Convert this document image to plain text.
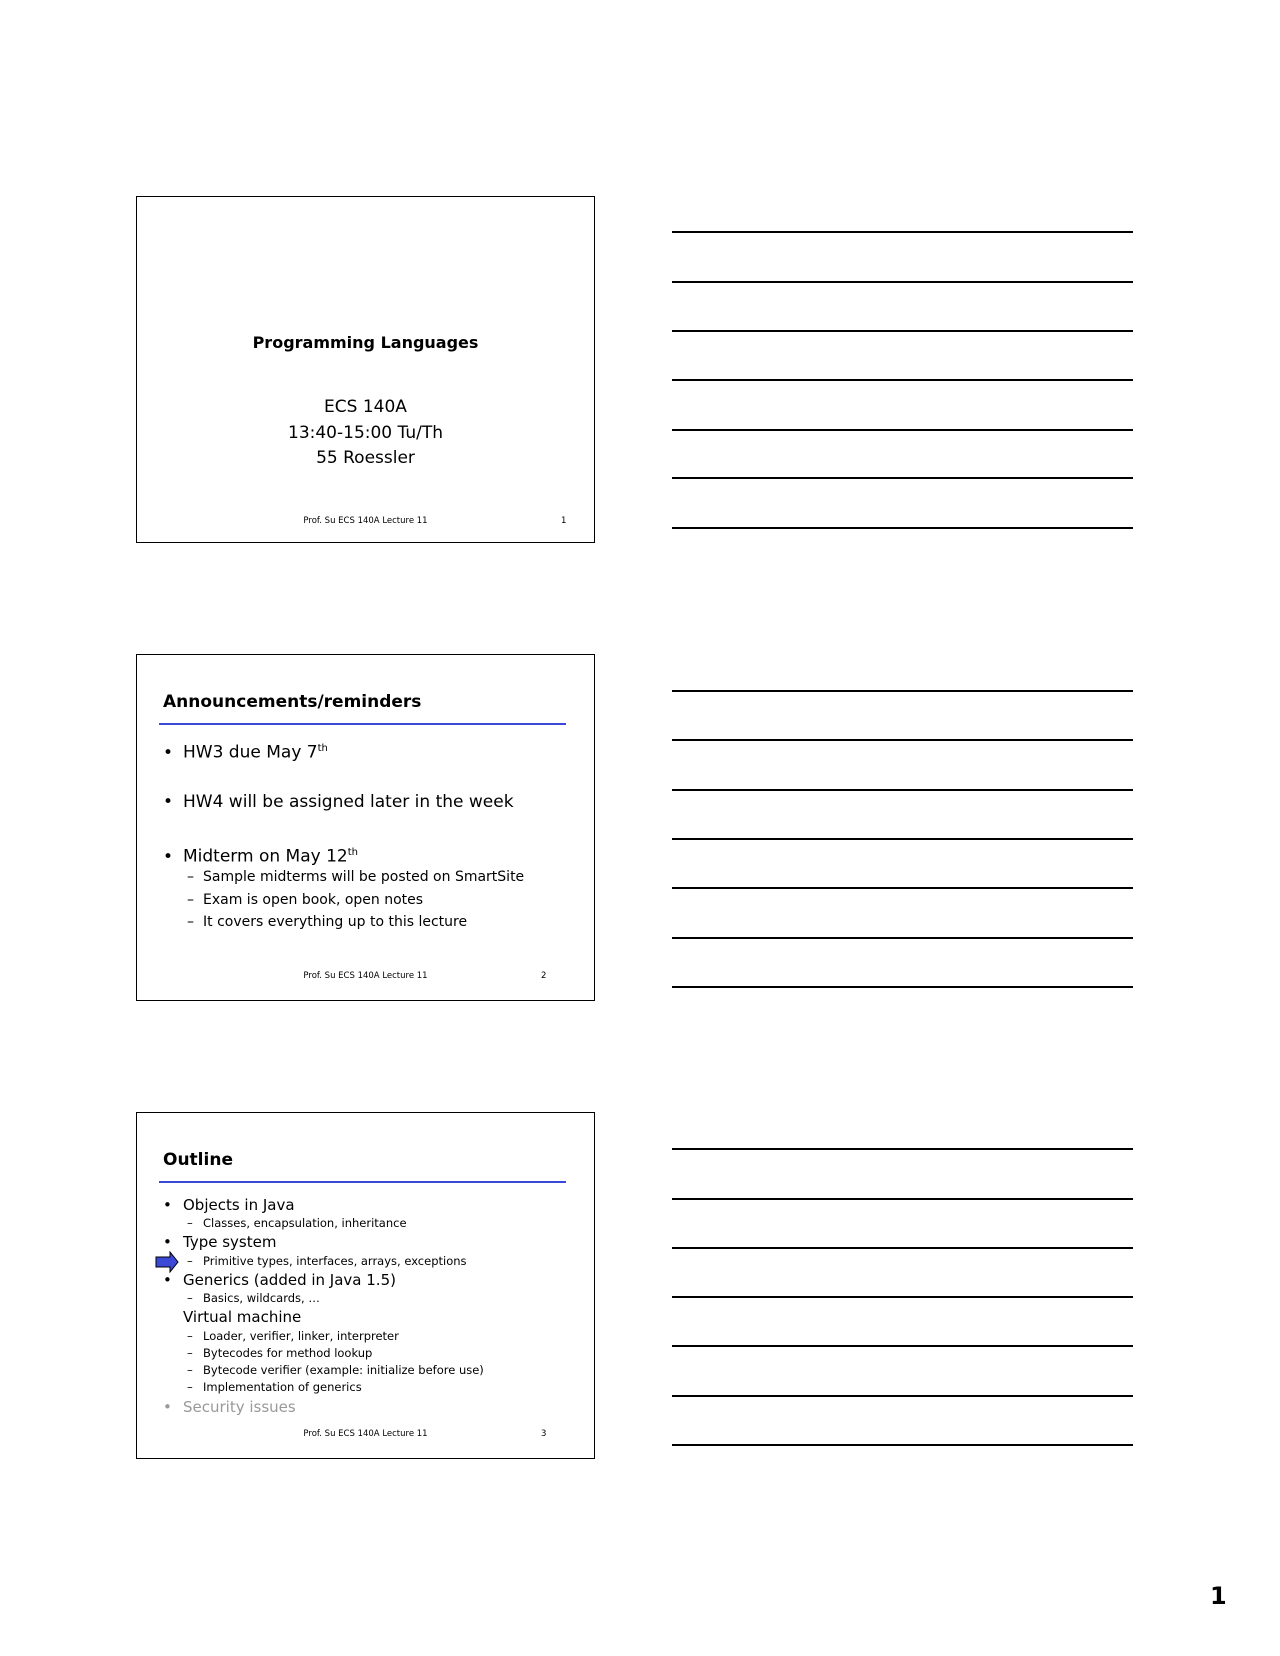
Programming Languages
ECS 140A
13:40-15:00 Tu/Th
55 Roessler
Prof. Su ECS 140A Lecture 11	1
Announcements/reminders
• HW3 due May 7th
• HW4 will be assigned later in the week
• Midterm on May 12th
– Sample midterms will be posted on SmartSite
– Exam is open book, open notes
– It covers everything up to this lecture
Prof. Su ECS 140A Lecture 11	2
Outline
• Objects in Java
– Classes, encapsulation, inheritance
• Type system
– Primitive types, interfaces, arrays, exceptions
• Generics (added in Java 1.5)
– Basics, wildcards, …
Virtual machine
– Loader, verifier, linker, interpreter
– Bytecodes for method lookup
– Bytecode verifier (example: initialize before use)
– Implementation of generics
• Security issues
Prof. Su ECS 140A Lecture 11	3
1
